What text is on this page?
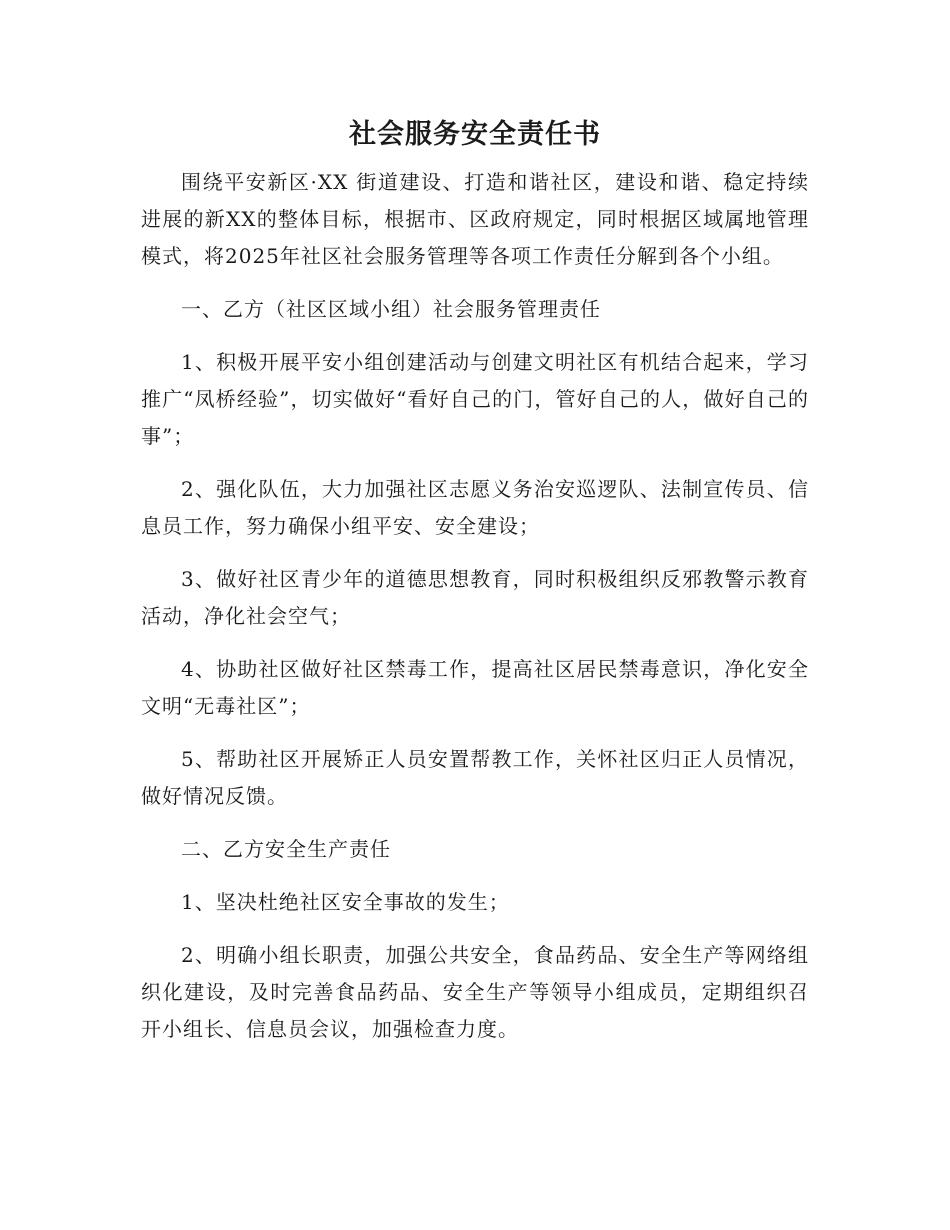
社会服务安全责任书

围绕平安新区·XX 街道建设、打造和谐社区，建设和谐、稳定持续进展的新XX的整体目标，根据市、区政府规定，同时根据区域属地管理模式，将2025年社区社会服务管理等各项工作责任分解到各个小组。

一、乙方（社区区域小组）社会服务管理责任

1、积极开展平安小组创建活动与创建文明社区有机结合起来，学习推广“凤桥经验”，切实做好“看好自己的门，管好自己的人，做好自己的事”；

2、强化队伍，大力加强社区志愿义务治安巡逻队、法制宣传员、信息员工作，努力确保小组平安、安全建设；

3、做好社区青少年的道德思想教育，同时积极组织反邪教警示教育活动，净化社会空气；

4、协助社区做好社区禁毒工作，提高社区居民禁毒意识，净化安全文明“无毒社区”；

5、帮助社区开展矫正人员安置帮教工作，关怀社区归正人员情况，做好情况反馈。

二、乙方安全生产责任

1、坚决杜绝社区安全事故的发生；

2、明确小组长职责，加强公共安全，食品药品、安全生产等网络组织化建设，及时完善食品药品、安全生产等领导小组成员，定期组织召开小组长、信息员会议，加强检查力度。
